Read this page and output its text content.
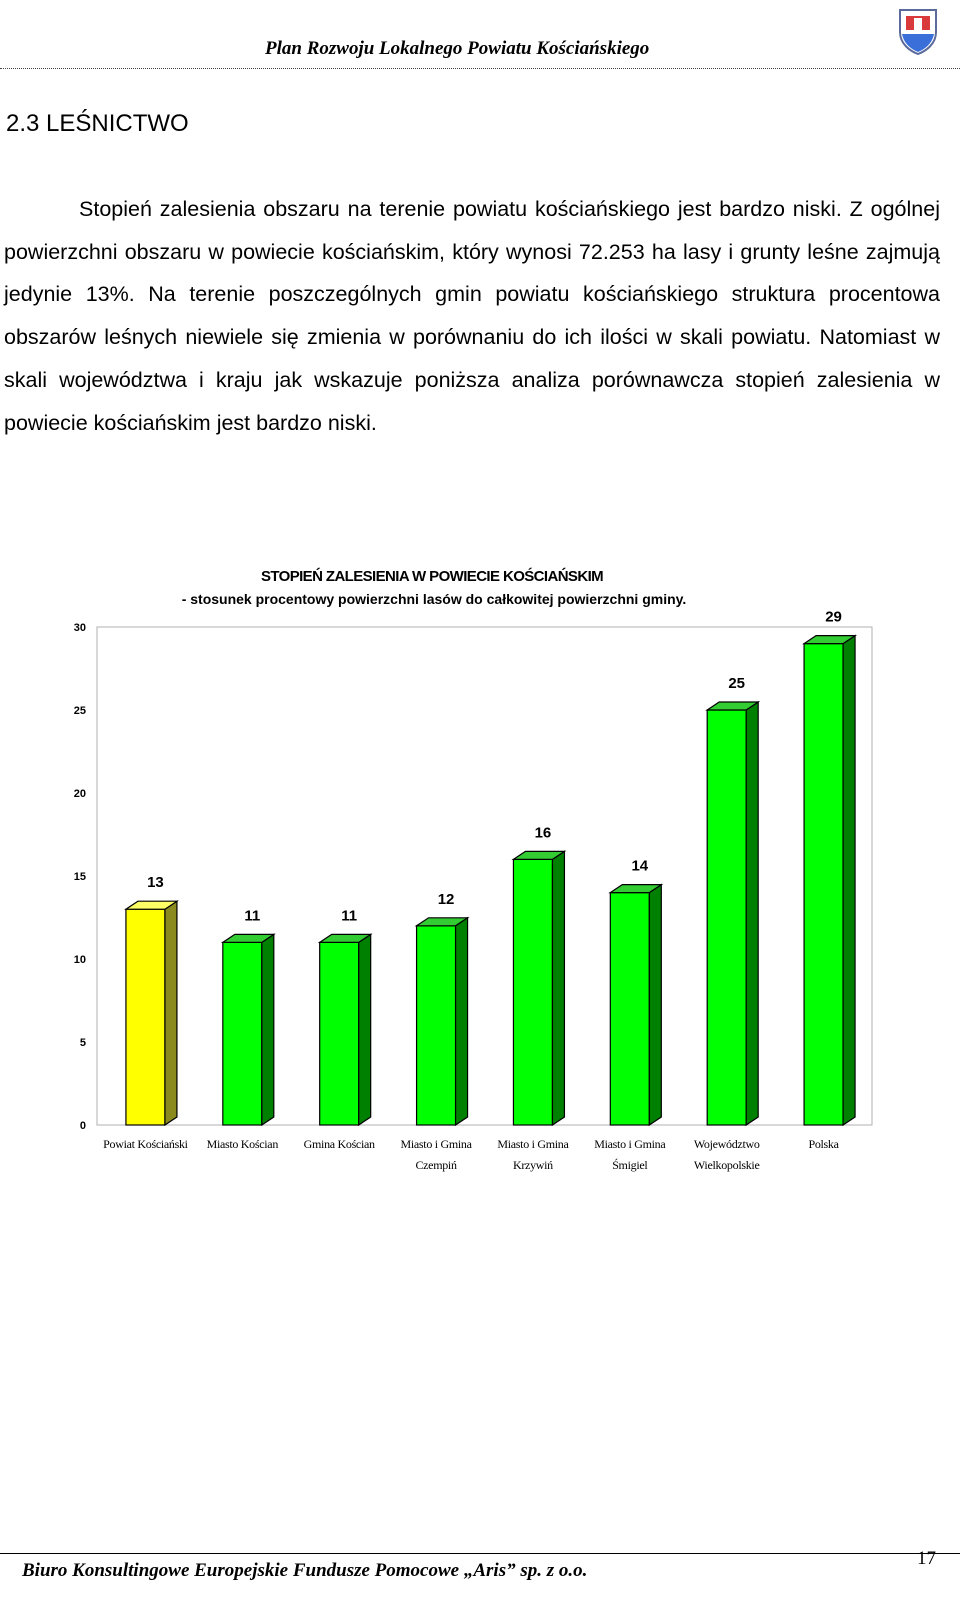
Plan Rozwoju Lokalnego Powiatu Kościańskiego
2.3 LEŚNICTWO

Stopień zalesienia obszaru na terenie powiatu kościańskiego jest bardzo niski. Z ogólnej powierzchni obszaru w powiecie kościańskim, który wynosi 72.253 ha lasy i grunty leśne zajmują jedynie 13%. Na terenie poszczególnych gmin powiatu kościańskiego struktura procentowa obszarów leśnych niewiele się zmienia w porównaniu do ich ilości w skali powiatu. Natomiast w skali województwa i kraju jak wskazuje poniższa analiza porównawcza stopień zalesienia w powiecie kościańskim jest bardzo niski.

STOPIEŃ ZALESIENIA W POWIECIE KOŚCIAŃSKIM
- stosunek procentowy powierzchni lasów do całkowitej powierzchni gminy.
0
5
10
15
20
25
30
13
Powiat Kościański
11
Miasto Kościan
11
Gmina Kościan
12
Miasto i Gmina
Czempiń
16
Miasto i Gmina
Krzywiń
14
Miasto i Gmina
Śmigiel
25
Województwo
Wielkopolskie
29
Polska
Biuro Konsultingowe Europejskie Fundusze Pomocowe „Aris” sp. z o.o.
17
